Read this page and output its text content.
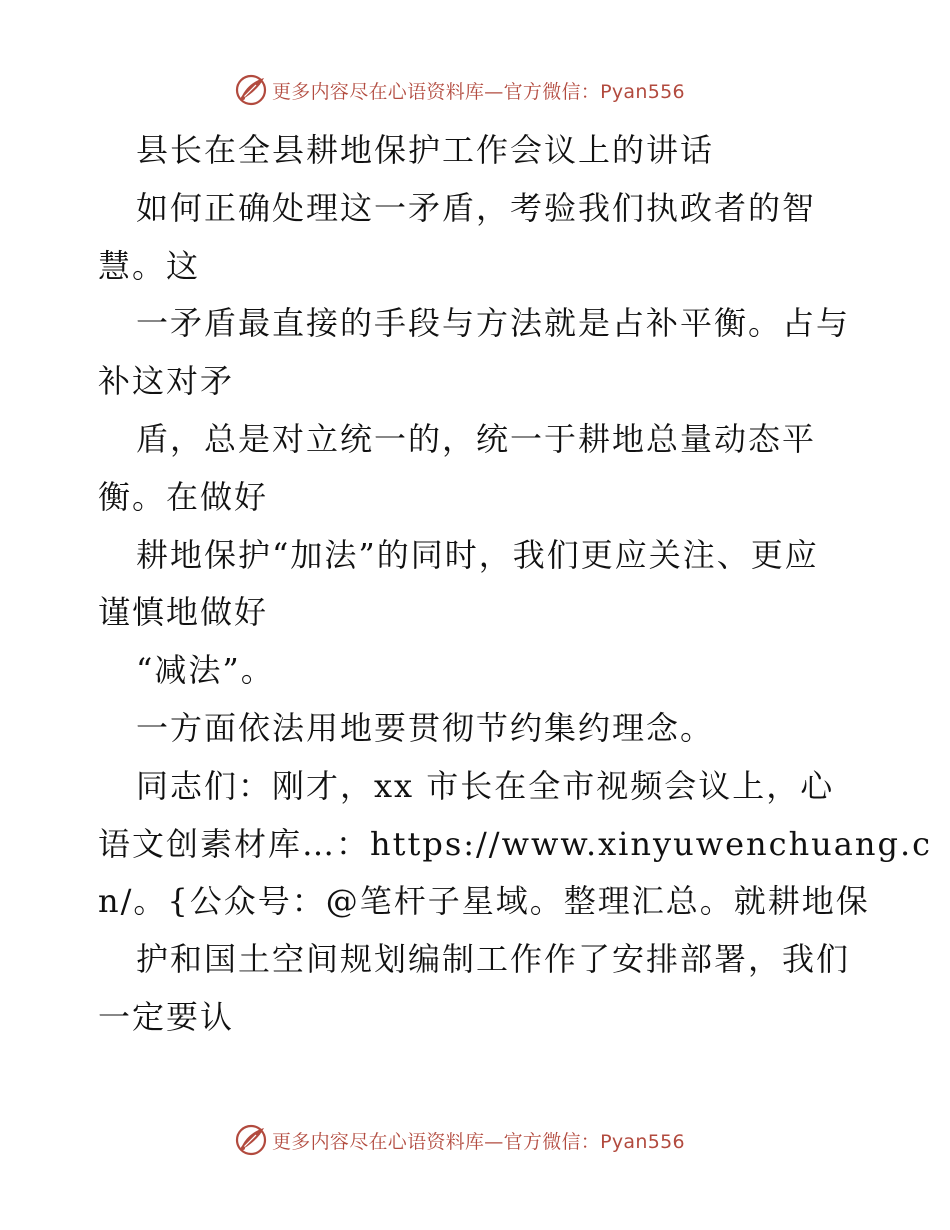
更多内容尽在心语资料库—官方微信：Pyan556
县长在全县耕地保护工作会议上的讲话
如何正确处理这一矛盾，考验我们执政者的智
慧。这
一矛盾最直接的手段与方法就是占补平衡。占与
补这对矛
盾，总是对立统一的，统一于耕地总量动态平
衡。在做好
耕地保护“加法”的同时，我们更应关注、更应
谨慎地做好
“减法”。
一方面依法用地要贯彻节约集约理念。
同志们：刚才，xx 市长在全市视频会议上，心
语文创素材库…：https://www.xinyuwenchuang.c
n/。{公众号：@笔杆子星域。整理汇总。就耕地保
护和国土空间规划编制工作作了安排部署，我们
一定要认
更多内容尽在心语资料库—官方微信：Pyan556
